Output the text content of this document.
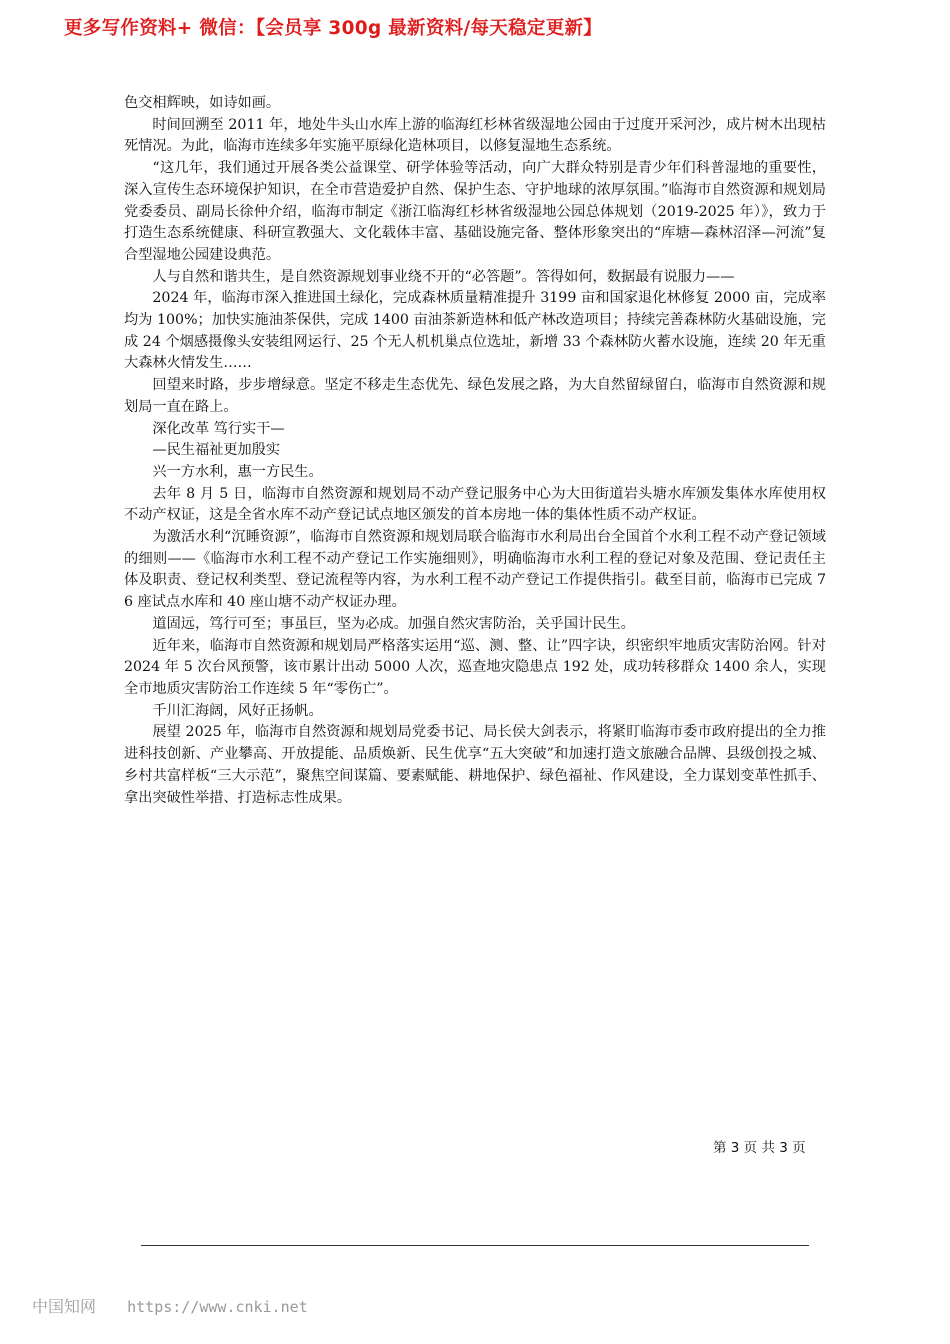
更多写作资料+ 微信：【会员享 300g 最新资料/每天稳定更新】

色交相辉映，如诗如画。

时间回溯至 2011 年，地处牛头山水库上游的临海红杉林省级湿地公园由于过度开采河沙，成片树木出现枯死情况。为此，临海市连续多年实施平原绿化造林项目，以修复湿地生态系统。

“这几年，我们通过开展各类公益课堂、研学体验等活动，向广大群众特别是青少年们科普湿地的重要性，深入宣传生态环境保护知识，在全市营造爱护自然、保护生态、守护地球的浓厚氛围。”临海市自然资源和规划局党委委员、副局长徐仲介绍，临海市制定《浙江临海红杉林省级湿地公园总体规划（2019-2025 年）》，致力于打造生态系统健康、科研宣教强大、文化载体丰富、基础设施完备、整体形象突出的“库塘—森林沼泽—河流”复合型湿地公园建设典范。

人与自然和谐共生，是自然资源规划事业绕不开的“必答题”。答得如何，数据最有说服力——

2024 年，临海市深入推进国土绿化，完成森林质量精准提升 3199 亩和国家退化林修复 2000 亩，完成率均为 100%；加快实施油茶保供，完成 1400 亩油茶新造林和低产林改造项目；持续完善森林防火基础设施，完成 24 个烟感摄像头安装组网运行、25 个无人机机巢点位选址，新增 33 个森林防火蓄水设施，连续 20 年无重大森林火情发生……

回望来时路，步步增绿意。坚定不移走生态优先、绿色发展之路，为大自然留绿留白，临海市自然资源和规划局一直在路上。

深化改革 笃行实干—

—民生福祉更加殷实

兴一方水利，惠一方民生。

去年 8 月 5 日，临海市自然资源和规划局不动产登记服务中心为大田街道岩头塘水库颁发集体水库使用权不动产权证，这是全省水库不动产登记试点地区颁发的首本房地一体的集体性质不动产权证。

为激活水利“沉睡资源”，临海市自然资源和规划局联合临海市水利局出台全国首个水利工程不动产登记领域的细则——《临海市水利工程不动产登记工作实施细则》，明确临海市水利工程的登记对象及范围、登记责任主体及职责、登记权利类型、登记流程等内容，为水利工程不动产登记工作提供指引。截至目前，临海市已完成 76 座试点水库和 40 座山塘不动产权证办理。

道固远，笃行可至；事虽巨，坚为必成。加强自然灾害防治，关乎国计民生。

近年来，临海市自然资源和规划局严格落实运用“巡、测、整、让”四字诀，织密织牢地质灾害防治网。针对 2024 年 5 次台风预警，该市累计出动 5000 人次，巡查地灾隐患点 192 处，成功转移群众 1400 余人，实现全市地质灾害防治工作连续 5 年“零伤亡”。

千川汇海阔，风好正扬帆。

展望 2025 年，临海市自然资源和规划局党委书记、局长侯大剑表示，将紧盯临海市委市政府提出的全力推进科技创新、产业攀高、开放提能、品质焕新、民生优享“五大突破”和加速打造文旅融合品牌、县级创投之城、乡村共富样板“三大示范”，聚焦空间谋篇、要素赋能、耕地保护、绿色福祉、作风建设，全力谋划变革性抓手、拿出突破性举措、打造标志性成果。

第 3 页 共 3 页
中国知网 https://www.cnki.net
